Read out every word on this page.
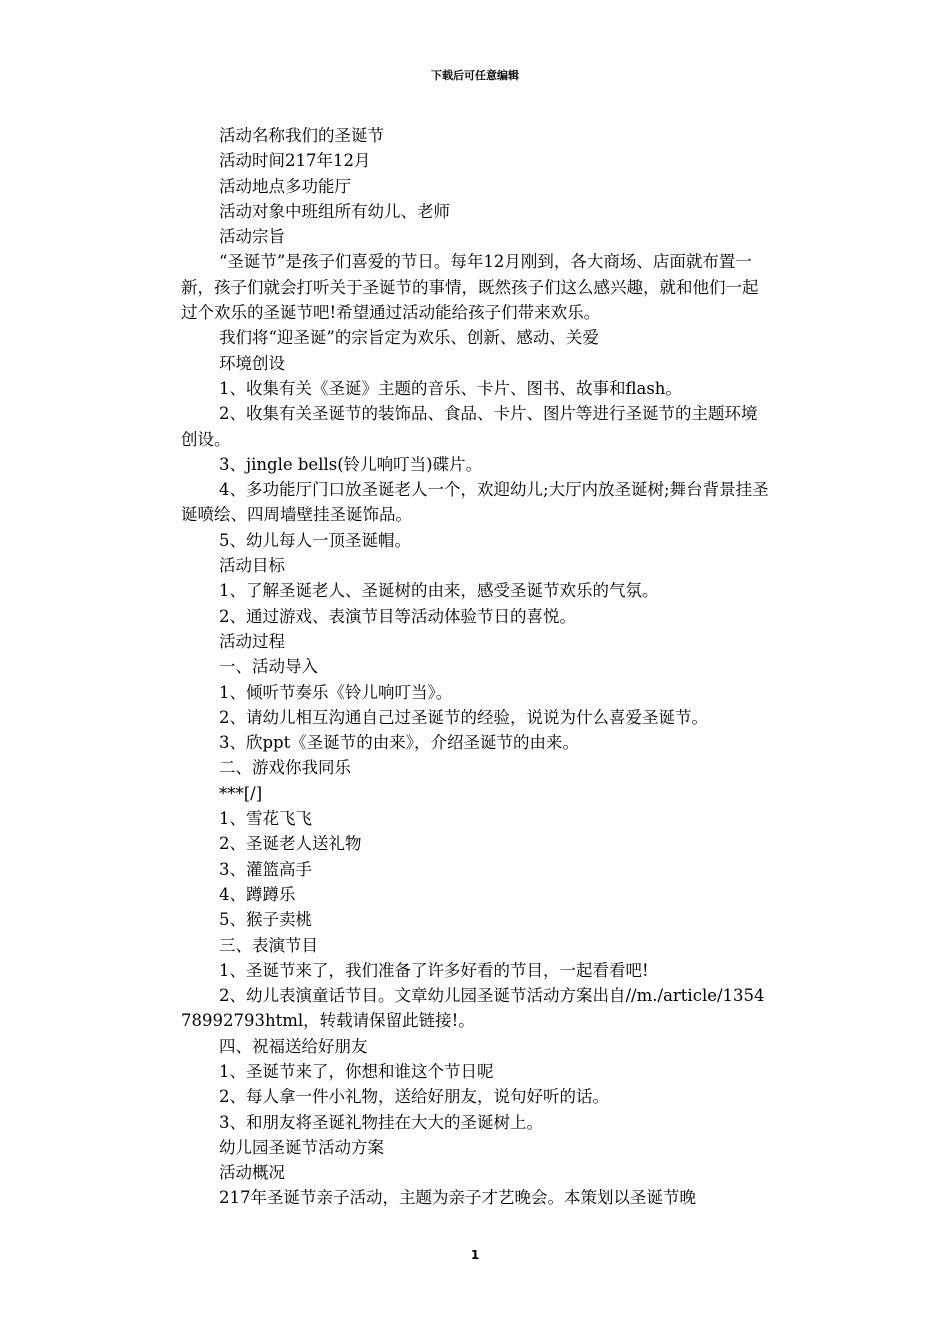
下载后可任意编辑

活动名称我们的圣诞节

活动时间217年12月

活动地点多功能厅

活动对象中班组所有幼儿、老师

活动宗旨

“圣诞节”是孩子们喜爱的节日。每年12月刚到，各大商场、店面就布置一新，孩子们就会打听关于圣诞节的事情，既然孩子们这么感兴趣，就和他们一起过个欢乐的圣诞节吧!希望通过活动能给孩子们带来欢乐。

我们将“迎圣诞”的宗旨定为欢乐、创新、感动、关爱

环境创设

1、收集有关《圣诞》主题的音乐、卡片、图书、故事和flash。

2、收集有关圣诞节的装饰品、食品、卡片、图片等进行圣诞节的主题环境创设。

3、jingle bells(铃儿响叮当)碟片。

4、多功能厅门口放圣诞老人一个，欢迎幼儿;大厅内放圣诞树;舞台背景挂圣诞喷绘、四周墙壁挂圣诞饰品。

5、幼儿每人一顶圣诞帽。

活动目标

1、了解圣诞老人、圣诞树的由来，感受圣诞节欢乐的气氛。

2、通过游戏、表演节目等活动体验节日的喜悦。

活动过程

一、活动导入

1、倾听节奏乐《铃儿响叮当》。

2、请幼儿相互沟通自己过圣诞节的经验，说说为什么喜爱圣诞节。

3、欣ppt《圣诞节的由来》，介绍圣诞节的由来。

二、游戏你我同乐

***[/]

1、雪花飞飞

2、圣诞老人送礼物

3、灌篮高手

4、蹲蹲乐

5、猴子卖桃

三、表演节目

1、圣诞节来了，我们准备了许多好看的节目，一起看看吧!

2、幼儿表演童话节目。文章幼儿园圣诞节活动方案出自//m./article/135478992793html，转载请保留此链接!。

四、祝福送给好朋友

1、圣诞节来了，你想和谁这个节日呢

2、每人拿一件小礼物，送给好朋友，说句好听的话。

3、和朋友将圣诞礼物挂在大大的圣诞树上。

幼儿园圣诞节活动方案

活动概况

217年圣诞节亲子活动，主题为亲子才艺晚会。本策划以圣诞节晚

1
